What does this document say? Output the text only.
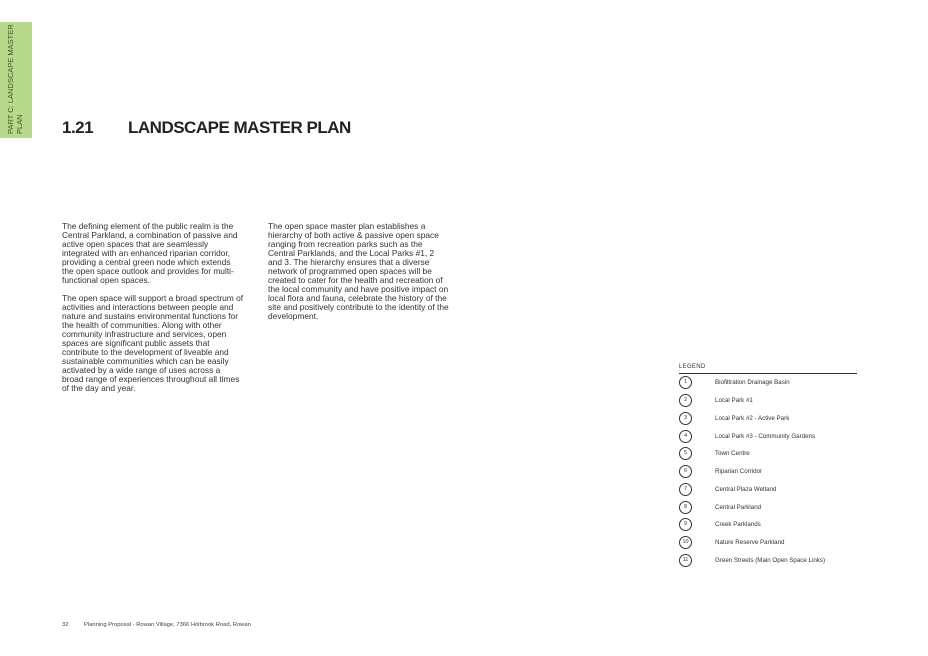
PART C: LANDSCAPE MASTER
PLAN 1.21 LANDSCAPE MASTER PLAN

The defining element of the public realm is the Central Parkland, a combination of passive and active open spaces that are seamlessly integrated with an enhanced riparian corridor, providing a central green node which extends the open space outlook and provides for multi-functional open spaces.

The open space will support a broad spectrum of activities and interactions between people and nature and sustains environmental functions for the health of communities. Along with other community infrastructure and services, open spaces are significant public assets that contribute to the development of liveable and sustainable communities which can be easily activated by a wide range of uses across a broad range of experiences throughout all times of the day and year.

The open space master plan establishes a hierarchy of both active & passive open space ranging from recreation parks such as the Central Parklands, and the Local Parks #1, 2 and 3. The hierarchy ensures that a diverse network of programmed open spaces will be created to cater for the health and recreation of the local community and have positive impact on local flora and fauna, celebrate the history of the site and positively contribute to the identity of the development.

LEGEND
1	Biofiltration Drainage Basin
2	Local Park #1
3	Local Park #2 - Active Park
4	Local Park #3 - Community Gardens
5	Town Centre
6	Riparian Corridor
7	Central Plaza Wetland
8	Central Parkland
9	Creek Parklands
10	Nature Reserve Parkland
11	Green Streets (Main Open Space Links)
32	Planning Proposal - Rowan Village, 7366 Holbrook Road, Rowan
